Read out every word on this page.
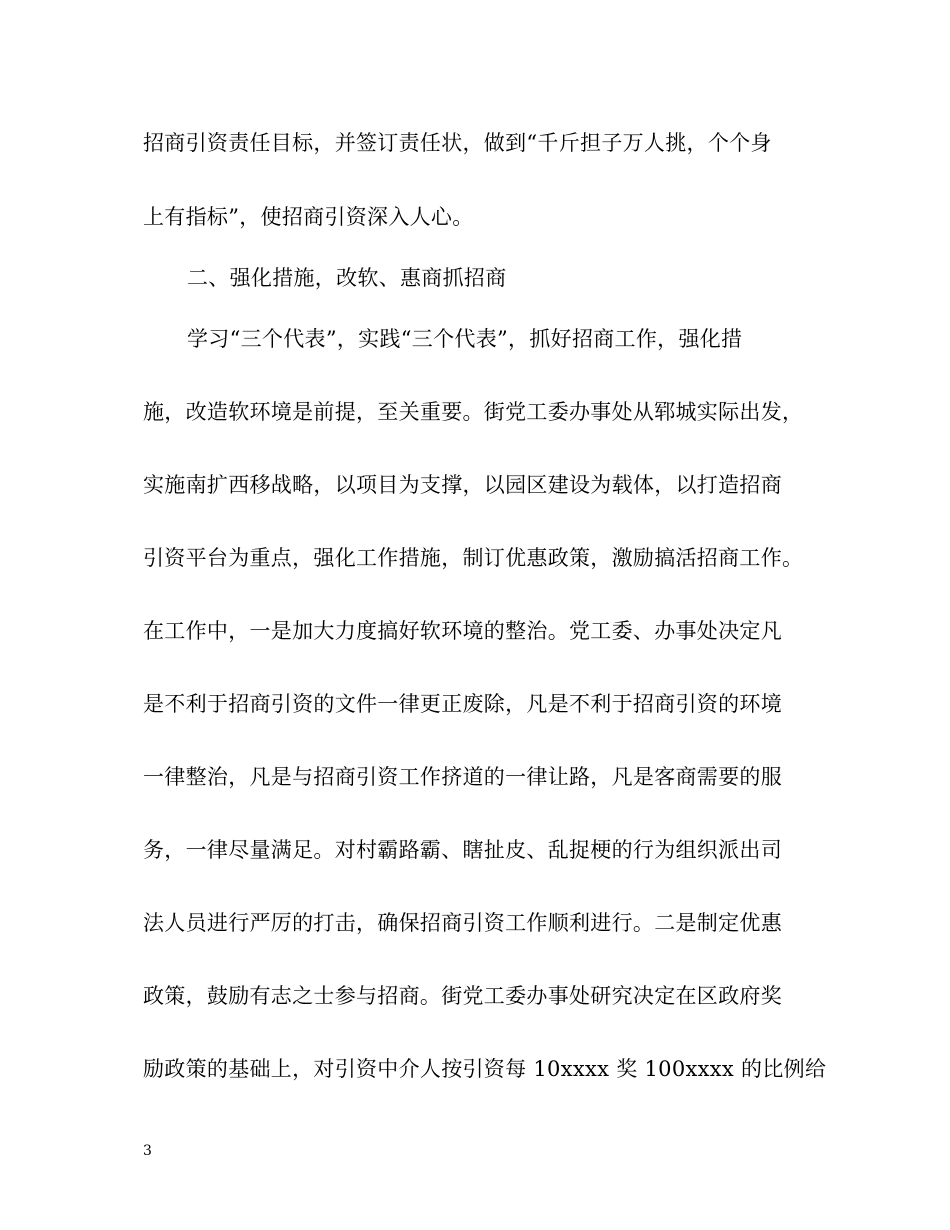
招商引资责任目标，并签订责任状，做到“千斤担子万人挑，个个身
上有指标”，使招商引资深入人心。
二、强化措施，改软、惠商抓招商
学习“三个代表”，实践“三个代表”，抓好招商工作，强化措
施，改造软环境是前提，至关重要。街党工委办事处从郓城实际出发，
实施南扩西移战略，以项目为支撑，以园区建设为载体，以打造招商
引资平台为重点，强化工作措施，制订优惠政策，激励搞活招商工作。
在工作中，一是加大力度搞好软环境的整治。党工委、办事处决定凡
是不利于招商引资的文件一律更正废除，凡是不利于招商引资的环境
一律整治，凡是与招商引资工作挤道的一律让路，凡是客商需要的服
务，一律尽量满足。对村霸路霸、瞎扯皮、乱捉梗的行为组织派出司
法人员进行严厉的打击，确保招商引资工作顺利进行。二是制定优惠
政策，鼓励有志之士参与招商。街党工委办事处研究决定在区政府奖
励政策的基础上，对引资中介人按引资每 10xxxx 奖 100xxxx 的比例给
3
